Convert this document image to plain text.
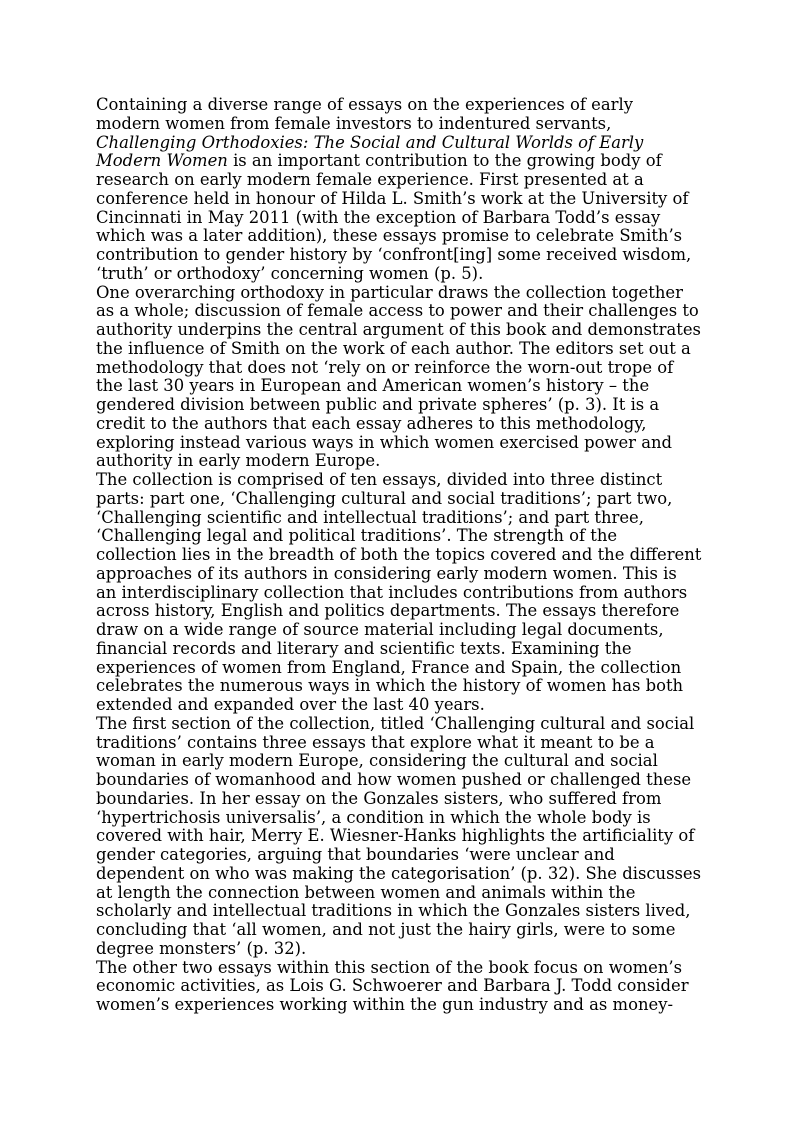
Containing a diverse range of essays on the experiences of early modern women from female investors to indentured servants, Challenging Orthodoxies: The Social and Cultural Worlds of Early Modern Women is an important contribution to the growing body of research on early modern female experience. First presented at a conference held in honour of Hilda L. Smith’s work at the University of Cincinnati in May 2011 (with the exception of Barbara Todd’s essay which was a later addition), these essays promise to celebrate Smith’s contribution to gender history by ‘confront[ing] some received wisdom, ‘truth’ or orthodoxy’ concerning women (p. 5).

One overarching orthodoxy in particular draws the collection together as a whole; discussion of female access to power and their challenges to authority underpins the central argument of this book and demonstrates the influence of Smith on the work of each author. The editors set out a methodology that does not ‘rely on or reinforce the worn-out trope of the last 30 years in European and American women’s history – the gendered division between public and private spheres’ (p. 3). It is a credit to the authors that each essay adheres to this methodology, exploring instead various ways in which women exercised power and authority in early modern Europe.

The collection is comprised of ten essays, divided into three distinct parts: part one, ‘Challenging cultural and social traditions’; part two, ‘Challenging scientific and intellectual traditions’; and part three, ‘Challenging legal and political traditions’. The strength of the collection lies in the breadth of both the topics covered and the different approaches of its authors in considering early modern women. This is an interdisciplinary collection that includes contributions from authors across history, English and politics departments. The essays therefore draw on a wide range of source material including legal documents, financial records and literary and scientific texts. Examining the experiences of women from England, France and Spain, the collection celebrates the numerous ways in which the history of women has both extended and expanded over the last 40 years.

The first section of the collection, titled ‘Challenging cultural and social traditions’ contains three essays that explore what it meant to be a woman in early modern Europe, considering the cultural and social boundaries of womanhood and how women pushed or challenged these boundaries. In her essay on the Gonzales sisters, who suffered from ‘hypertrichosis universalis’, a condition in which the whole body is covered with hair, Merry E. Wiesner-Hanks highlights the artificiality of gender categories, arguing that boundaries ‘were unclear and dependent on who was making the categorisation’ (p. 32). She discusses at length the connection between women and animals within the scholarly and intellectual traditions in which the Gonzales sisters lived, concluding that ‘all women, and not just the hairy girls, were to some degree monsters’ (p. 32).

The other two essays within this section of the book focus on women’s economic activities, as Lois G. Schwoerer and Barbara J. Todd consider women’s experiences working within the gun industry and as money-
